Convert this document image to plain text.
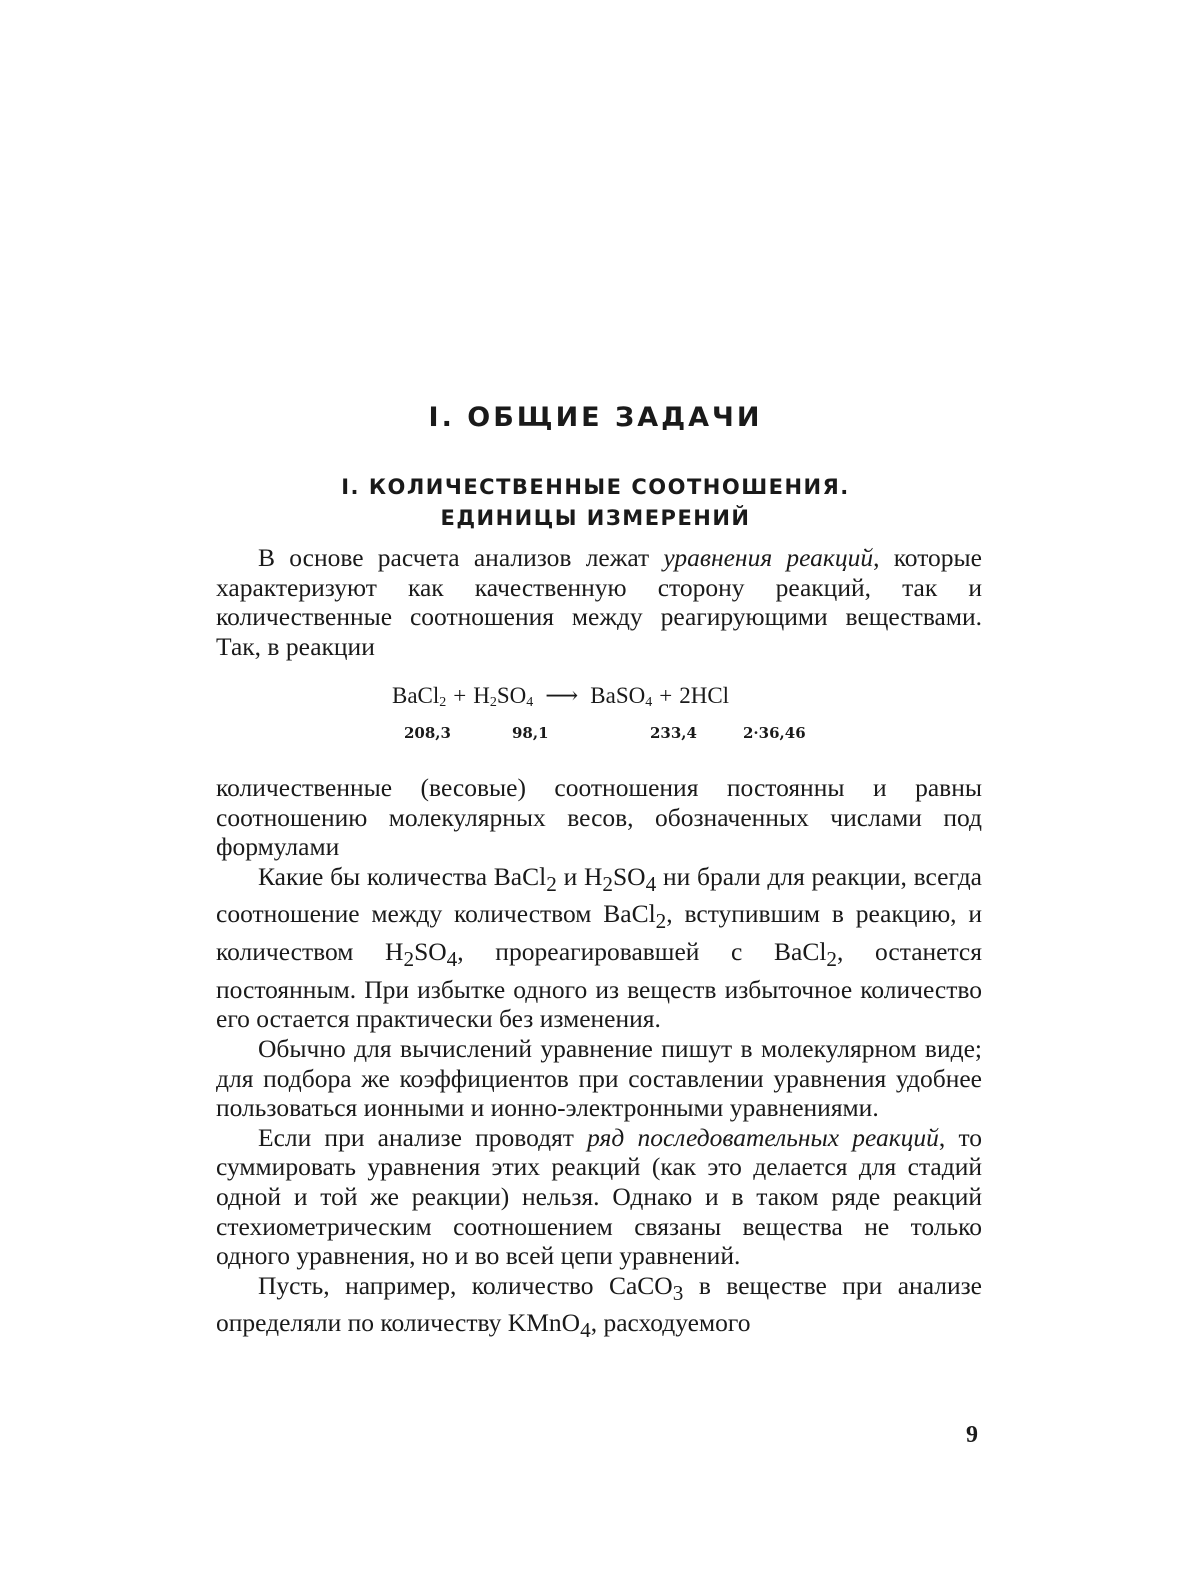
I. ОБЩИЕ ЗАДАЧИ
I. КОЛИЧЕСТВЕННЫЕ СООТНОШЕНИЯ.
ЕДИНИЦЫ ИЗМЕРЕНИЙ

В основе расчета анализов лежат уравнения реакций, которые характеризуют как качественную сторону реакций, так и количественные соотношения между реагирующими веществами. Так, в реакции

BaCl$_2$ + $H_2SO_4$ ⟶ BaSO$_4$ + 2HCl
208,3	98,1	233,4	2·36,46

количественные (весовые) соотношения постоянны и равны соотношению молекулярных весов, обозначенных числами под формулами

Какие бы количества BaCl$_2$ и $H_2SO_4$ ни брали для реакции, всегда соотношение между количеством BaCl$_2$, вступившим в реакцию, и количеством $H_2SO_4$, прореагировавшей с BaCl$_2$, останется постоянным. При избытке одного из веществ избыточное количество его остается практически без изменения.

Обычно для вычислений уравнение пишут в молекулярном виде; для подбора же коэффициентов при составлении уравнения удобнее пользоваться ионными и ионно-электронными уравнениями.

Если при анализе проводят ряд последовательных реакций, то суммировать уравнения этих реакций (как это делается для стадий одной и той же реакции) нельзя. Однако и в таком ряде реакций стехиометрическим соотношением связаны вещества не только одного уравнения, но и во всей цепи уравнений.

Пусть, например, количество CaCO$_3$ в веществе при анализе определяли по количеству KMnO$_4$, расходуемого

9
